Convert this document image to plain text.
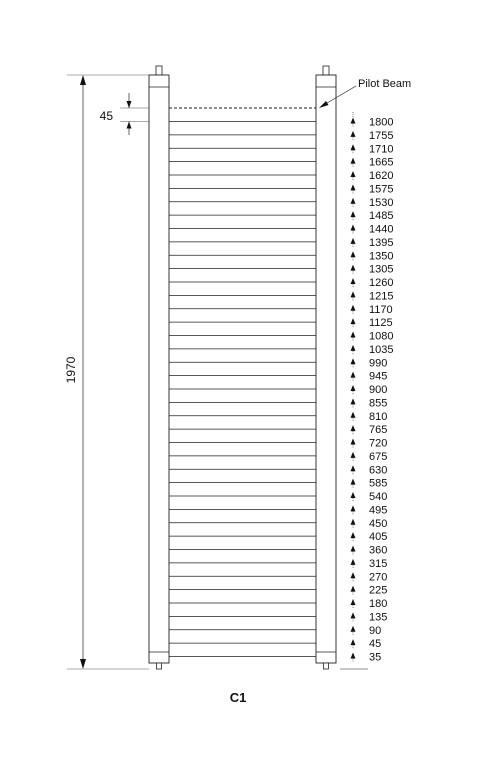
1800
1755
1710
1665
1620
1575
1530
1485
1440
1395
1350
1305
1260
1215
1170
1125
1080
1035
990
945
900
855
810
765
720
675
630
585
540
495
450
405
360
315
270
225
180
135
90
45
35
Pilot Beam
1970
45
C1
